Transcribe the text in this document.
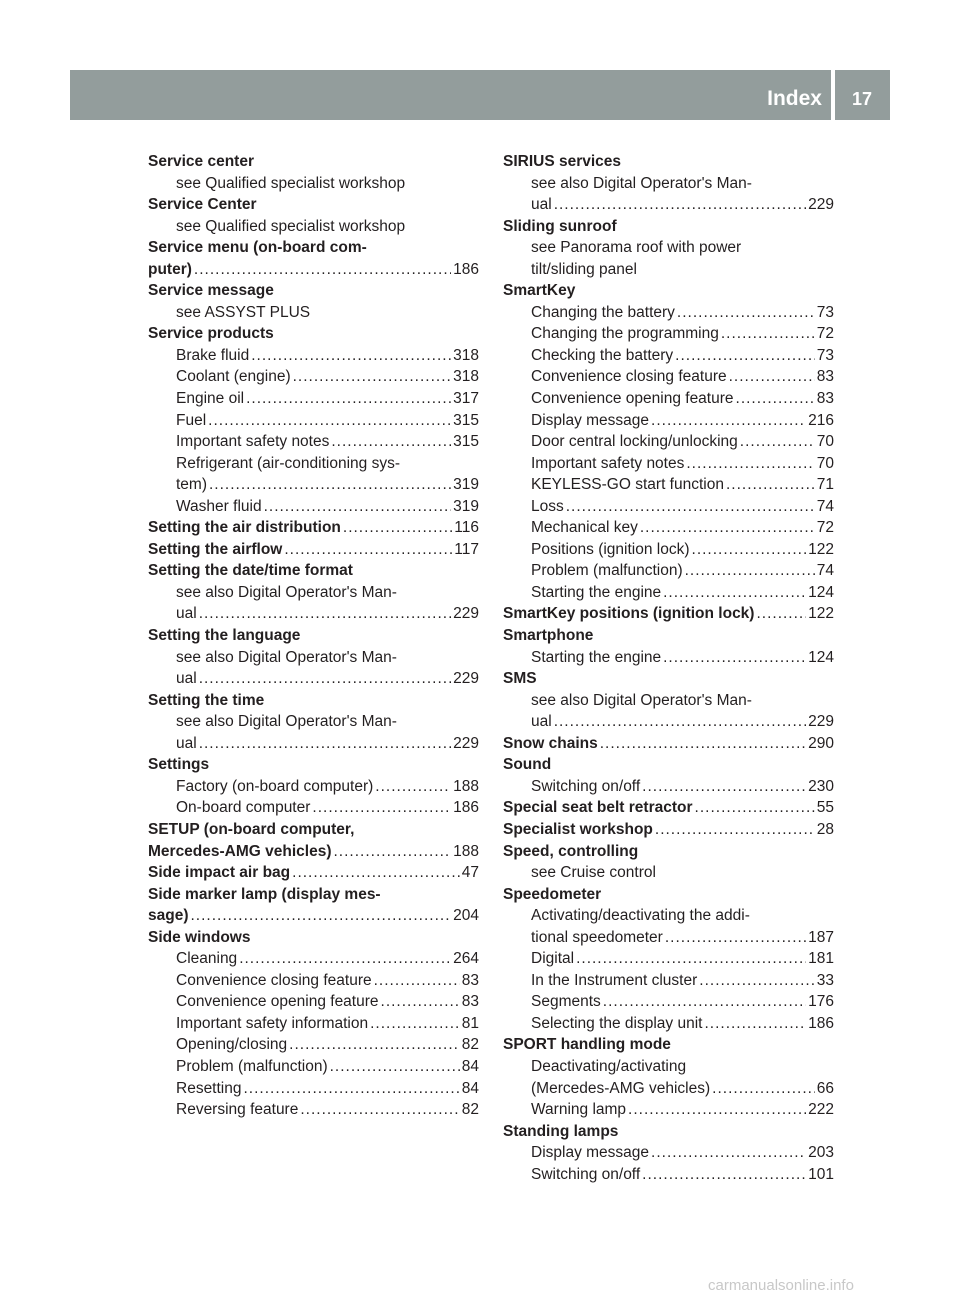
Index 17
Service center
see Qualified specialist workshop
Service Center
see Qualified specialist workshop
Service menu (on-board com-
puter) .....	186
Service message
see ASSYST PLUS
Service products
Brake fluid .....	318
Coolant (engine) .....	318
Engine oil .....	317
Fuel .....	315
Important safety notes .....	315
Refrigerant (air-conditioning sys-
tem) .....	319
Washer fluid .....	319
Setting the air distribution .....	116
Setting the airflow .....	117
Setting the date/time format
see also Digital Operator's Man-
ual .....	229
Setting the language
see also Digital Operator's Man-
ual .....	229
Setting the time
see also Digital Operator's Man-
ual .....	229
Settings
Factory (on-board computer) .....	188
On-board computer .....	186
SETUP (on-board computer,
Mercedes-AMG vehicles) .....	188
Side impact air bag .....	47
Side marker lamp (display mes-
sage) .....	204
Side windows
Cleaning .....	264
Convenience closing feature .....	83
Convenience opening feature .....	83
Important safety information .....	81
Opening/closing .....	82
Problem (malfunction) .....	84
Resetting .....	84
Reversing feature .....	82
SIRIUS services
see also Digital Operator's Man-
ual .....	229
Sliding sunroof
see Panorama roof with power
tilt/sliding panel
SmartKey
Changing the battery .....	73
Changing the programming .....	72
Checking the battery .....	73
Convenience closing feature .....	83
Convenience opening feature .....	83
Display message .....	216
Door central locking/unlocking .....	70
Important safety notes .....	70
KEYLESS-GO start function .....	71
Loss .....	74
Mechanical key .....	72
Positions (ignition lock) .....	122
Problem (malfunction) .....	74
Starting the engine .....	124
SmartKey positions (ignition lock) .....	122
Smartphone
Starting the engine .....	124
SMS
see also Digital Operator's Man-
ual .....	229
Snow chains .....	290
Sound
Switching on/off .....	230
Special seat belt retractor .....	55
Specialist workshop .....	28
Speed, controlling
see Cruise control
Speedometer
Activating/deactivating the addi-
tional speedometer .....	187
Digital .....	181
In the Instrument cluster .....	33
Segments .....	176
Selecting the display unit .....	186
SPORT handling mode
Deactivating/activating
(Mercedes-AMG vehicles) .....	66
Warning lamp .....	222
Standing lamps
Display message .....	203
Switching on/off .....	101
carmanualsonline.info
